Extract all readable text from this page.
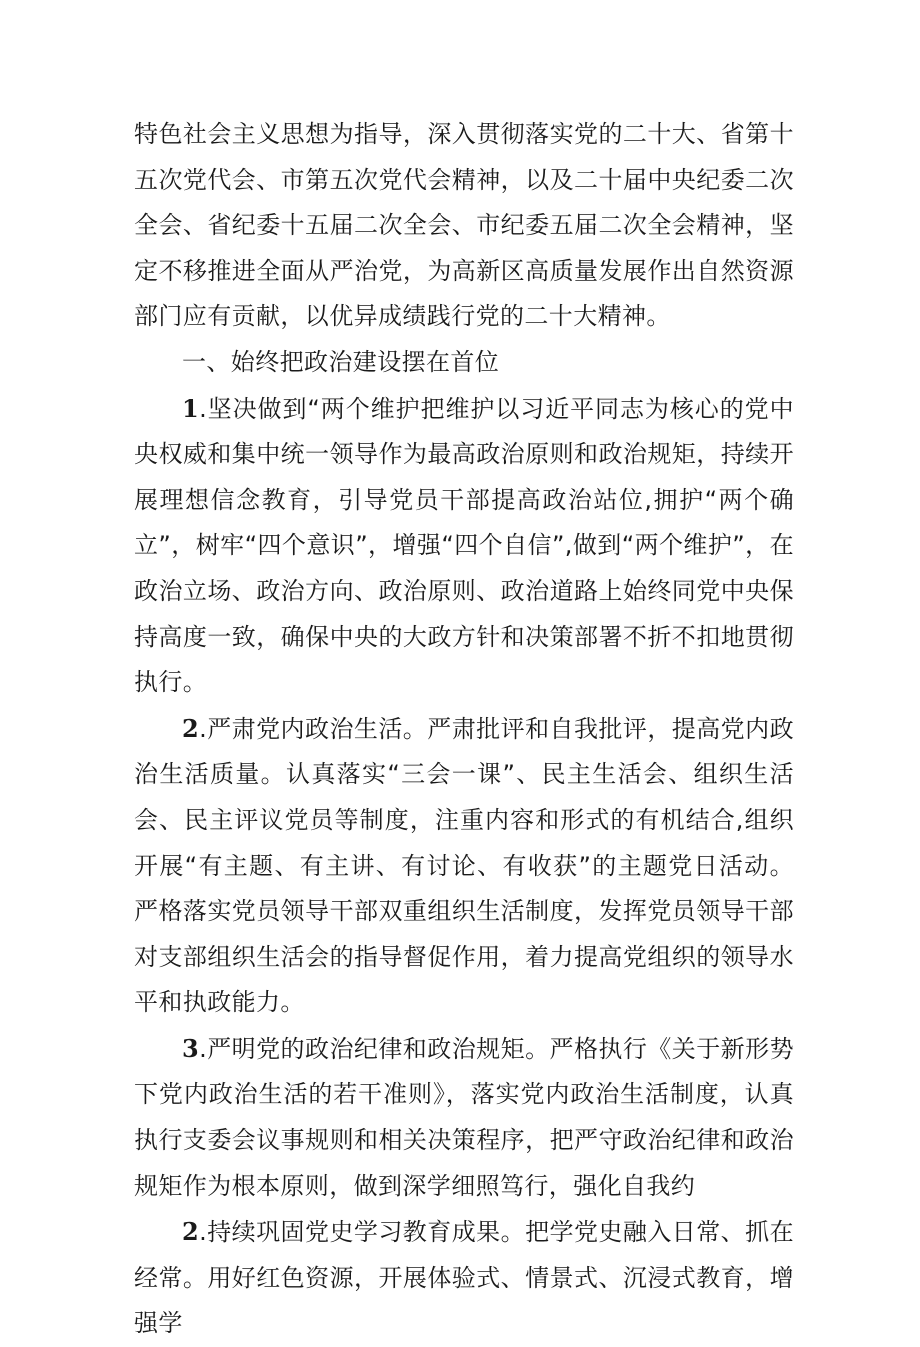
特色社会主义思想为指导，深入贯彻落实党的二十大、省第十五次党代会、市第五次党代会精神，以及二十届中央纪委二次全会、省纪委十五届二次全会、市纪委五届二次全会精神，坚定不移推进全面从严治党，为高新区高质量发展作出自然资源部门应有贡献，以优异成绩践行党的二十大精神。

一、始终把政治建设摆在首位

1.坚决做到“两个维护把维护以习近平同志为核心的党中央权威和集中统一领导作为最高政治原则和政治规矩，持续开展理想信念教育，引导党员干部提高政治站位,拥护“两个确立”，树牢“四个意识”，增强“四个自信”,做到“两个维护”，在政治立场、政治方向、政治原则、政治道路上始终同党中央保持高度一致，确保中央的大政方针和决策部署不折不扣地贯彻执行。

2.严肃党内政治生活。严肃批评和自我批评，提高党内政治生活质量。认真落实“三会一课”、民主生活会、组织生活会、民主评议党员等制度，注重内容和形式的有机结合,组织开展“有主题、有主讲、有讨论、有收获”的主题党日活动。严格落实党员领导干部双重组织生活制度，发挥党员领导干部对支部组织生活会的指导督促作用，着力提高党组织的领导水平和执政能力。

3.严明党的政治纪律和政治规矩。严格执行《关于新形势下党内政治生活的若干准则》，落实党内政治生活制度，认真执行支委会议事规则和相关决策程序，把严守政治纪律和政治规矩作为根本原则，做到深学细照笃行，强化自我约

2.持续巩固党史学习教育成果。把学党史融入日常、抓在经常。用好红色资源，开展体验式、情景式、沉浸式教育，增强学
